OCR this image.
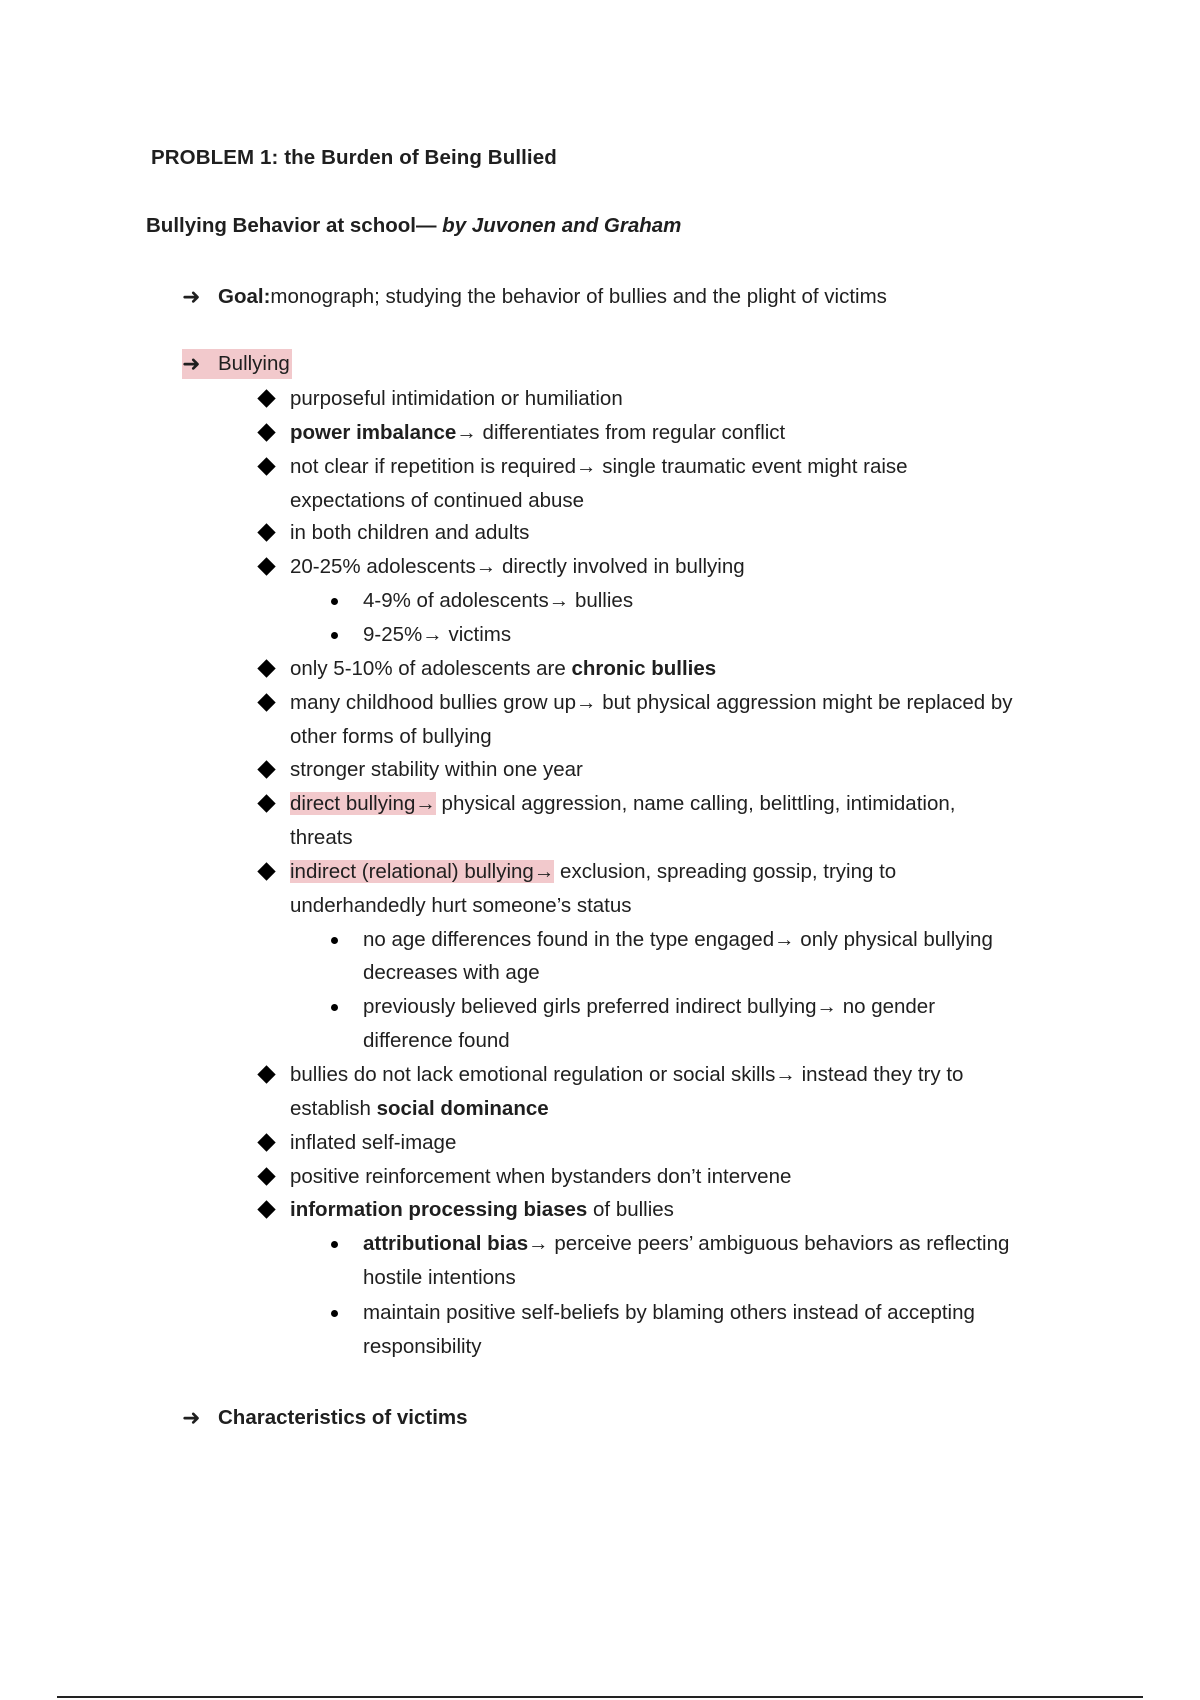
PROBLEM 1: the Burden of Being Bullied
Bullying Behavior at school— by Juvonen and Graham
➜ Goal: monograph; studying the behavior of bullies and the plight of victims
➜ Bullying
purposeful intimidation or humiliation
power imbalance→ differentiates from regular conflict
not clear if repetition is required→ single traumatic event might raise
expectations of continued abuse
in both children and adults
20-25% adolescents→ directly involved in bullying
4-9% of adolescents→ bullies
9-25%→ victims
only 5-10% of adolescents are chronic bullies
many childhood bullies grow up→ but physical aggression might be replaced by
other forms of bullying
stronger stability within one year
direct bullying→ physical aggression, name calling, belittling, intimidation,
threats
indirect (relational) bullying→ exclusion, spreading gossip, trying to
underhandedly hurt someone’s status
no age differences found in the type engaged→ only physical bullying
decreases with age
previously believed girls preferred indirect bullying→ no gender
difference found
bullies do not lack emotional regulation or social skills→ instead they try to
establish social dominance
inflated self-image
positive reinforcement when bystanders don’t intervene
information processing biases of bullies
attributional bias→ perceive peers’ ambiguous behaviors as reflecting
hostile intentions
maintain positive self-beliefs by blaming others instead of accepting
responsibility
➜ Characteristics of victims
